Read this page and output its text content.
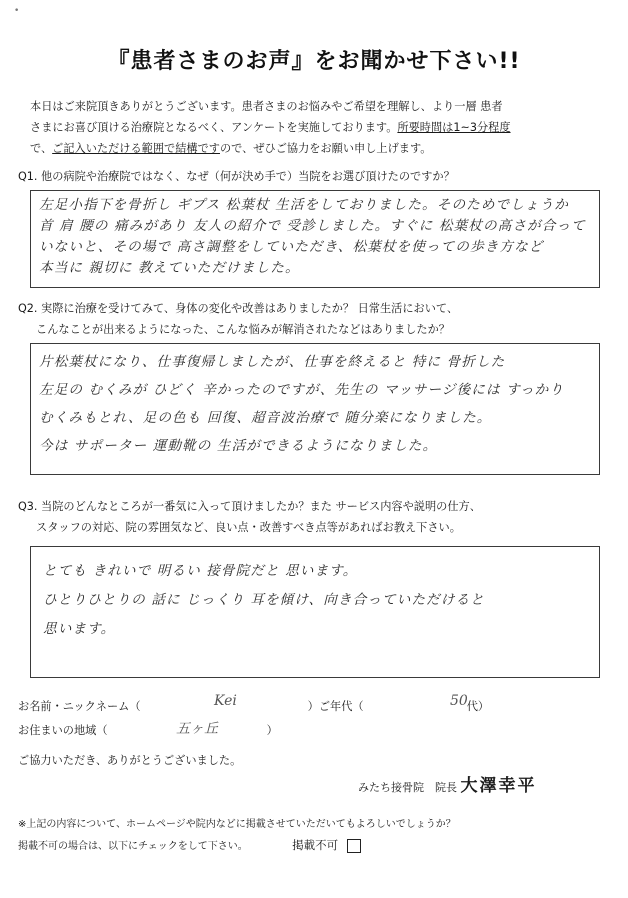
•
『患者さまのお声』をお聞かせ下さい!!
本日はご来院頂きありがとうございます。患者さまのお悩みやご希望を理解し、より一層 患者
さまにお喜び頂ける治療院となるべく、アンケートを実施しております。所要時間は1~3分程度
で、ご記入いただける範囲で結構ですので、ぜひご協力をお願い申し上げます。
Q1. 他の病院や治療院ではなく、なぜ（何が決め手で）当院をお選び頂けたのですか？
左足小指下を骨折し ギプス 松葉杖 生活をしておりました。そのためでしょうか
首 肩 腰の 痛みがあり 友人の紹介で 受診しました。すぐに 松葉杖の高さが合って
いないと、その場で 高さ調整をしていただき、松葉杖を使っての歩き方など
本当に 親切に 教えていただけました。
Q2. 実際に治療を受けてみて、身体の変化や改善はありましたか？ 日常生活において、
こんなことが出来るようになった、こんな悩みが解消されたなどはありましたか？
片松葉杖になり、仕事復帰しましたが、仕事を終えると 特に 骨折した
左足の むくみが ひどく 辛かったのですが、先生の マッサージ後には すっかり
むくみもとれ、足の色も 回復、超音波治療で 随分楽になりました。
今は サポーター 運動靴の 生活ができるようになりました。
Q3. 当院のどんなところが一番気に入って頂けましたか？また サービス内容や説明の仕方、
スタッフの対応、院の雰囲気など、良い点・改善すべき点等があればお教え下さい。
とても きれいで 明るい 接骨院だと 思います。
ひとりひとりの 話に じっくり 耳を傾け、向き合っていただけると
思います。
お名前・ニックネーム（	）ご年代（	代）
Kei	50
お住まいの地域（	）
五ヶ丘
ご協力いただき、ありがとうございました。
みたち接骨院　院長 大澤幸平
※上記の内容について、ホームページや院内などに掲載させていただいてもよろしいでしょうか？
掲載不可の場合は、以下にチェックをして下さい。	掲載不可
